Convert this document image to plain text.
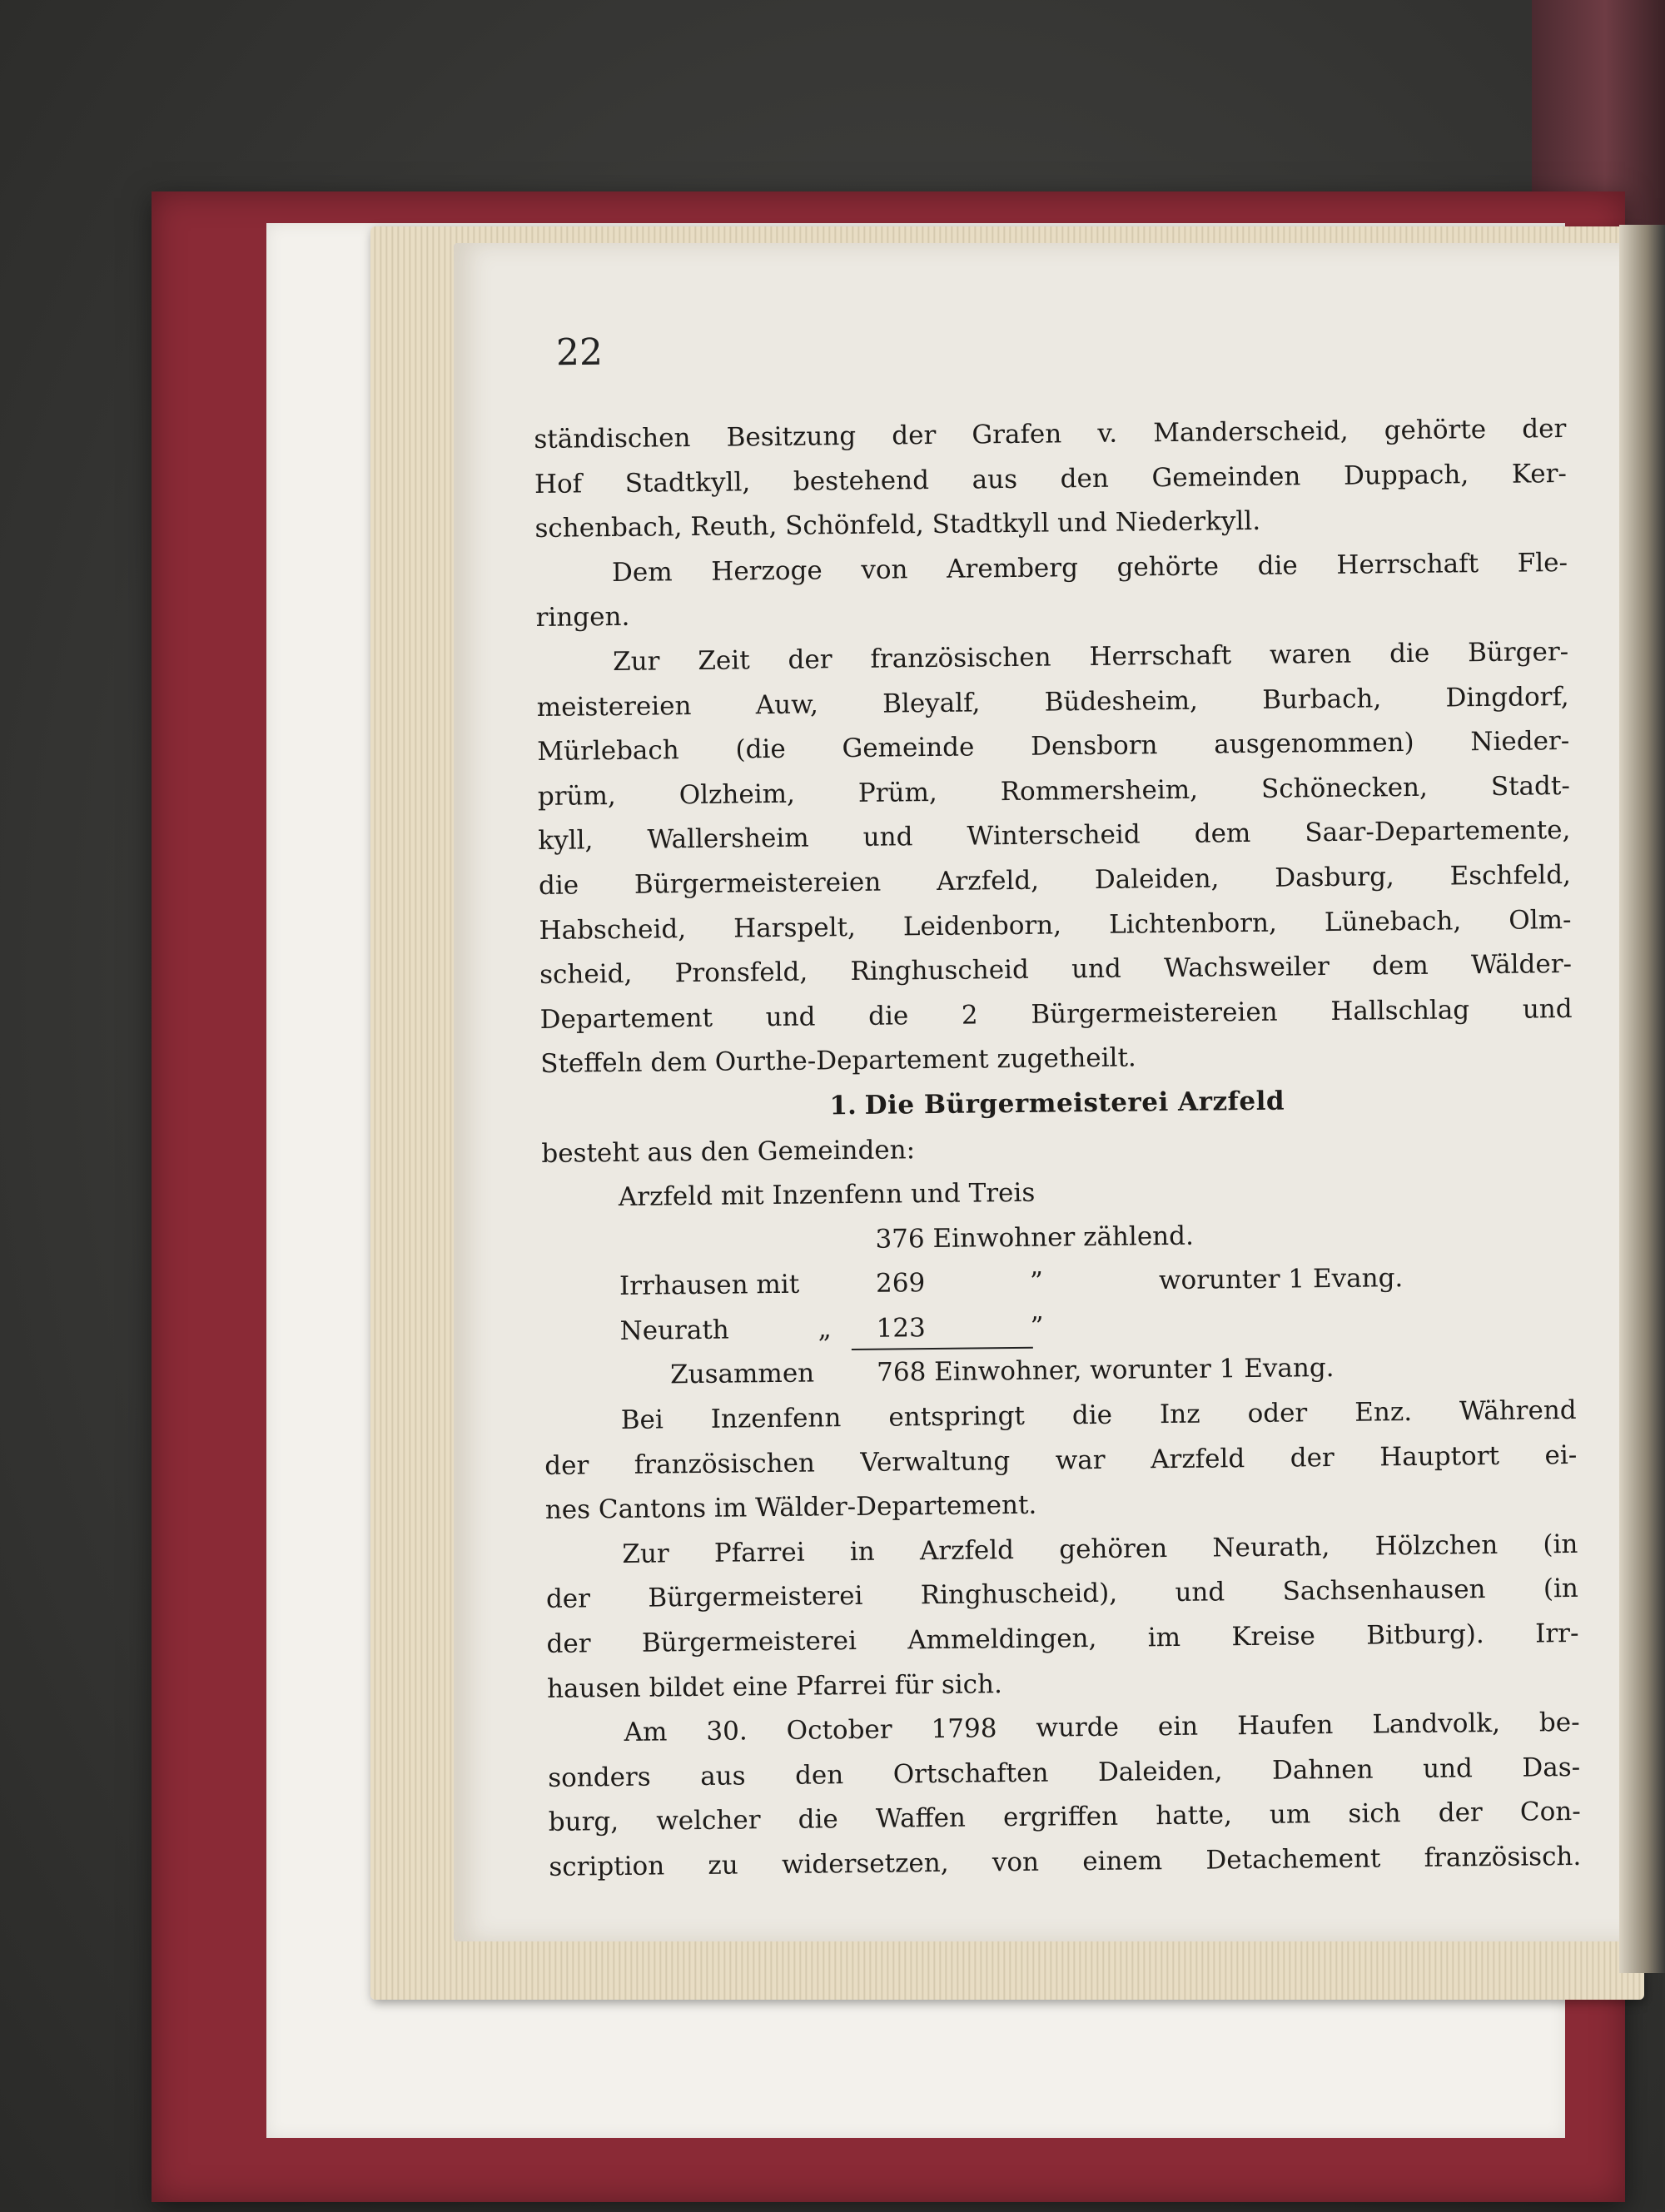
22
ständischen Besitzung der Grafen v. Manderscheid, gehörte der
Hof Stadtkyll, bestehend aus den Gemeinden Duppach, Ker-
schenbach, Reuth, Schönfeld, Stadtkyll und Niederkyll.
Dem Herzoge von Aremberg gehörte die Herrschaft Fle-
ringen.
Zur Zeit der französischen Herrschaft waren die Bürger-
meistereien Auw, Bleyalf, Büdesheim, Burbach, Dingdorf,
Mürlebach (die Gemeinde Densborn ausgenommen) Nieder-
prüm, Olzheim, Prüm, Rommersheim, Schönecken, Stadt-
kyll, Wallersheim und Winterscheid dem Saar-Departemente,
die Bürgermeistereien Arzfeld, Daleiden, Dasburg, Eschfeld,
Habscheid, Harspelt, Leidenborn, Lichtenborn, Lünebach, Olm-
scheid, Pronsfeld, Ringhuscheid und Wachsweiler dem Wälder-
Departement und die 2 Bürgermeistereien Hallschlag und
Steffeln dem Ourthe-Departement zugetheilt.
1. Die Bürgermeisterei Arzfeld
besteht aus den Gemeinden:
Arzfeld mit Inzenfenn und Treis
376 Einwohner zählend.
Irrhausen mit	269	”	worunter 1 Evang.
Neurath	„ 123	”
Zusammen 768 Einwohner, worunter 1 Evang.
Bei Inzenfenn entspringt die Inz oder Enz. Während
der französischen Verwaltung war Arzfeld der Hauptort ei-
nes Cantons im Wälder-Departement.
Zur Pfarrei in Arzfeld gehören Neurath, Hölzchen (in
der Bürgermeisterei Ringhuscheid), und Sachsenhausen (in
der Bürgermeisterei Ammeldingen, im Kreise Bitburg). Irr-
hausen bildet eine Pfarrei für sich.
Am 30. October 1798 wurde ein Haufen Landvolk, be-
sonders aus den Ortschaften Daleiden, Dahnen und Das-
burg, welcher die Waffen ergriffen hatte, um sich der Con-
scription zu widersetzen, von einem Detachement französisch.
